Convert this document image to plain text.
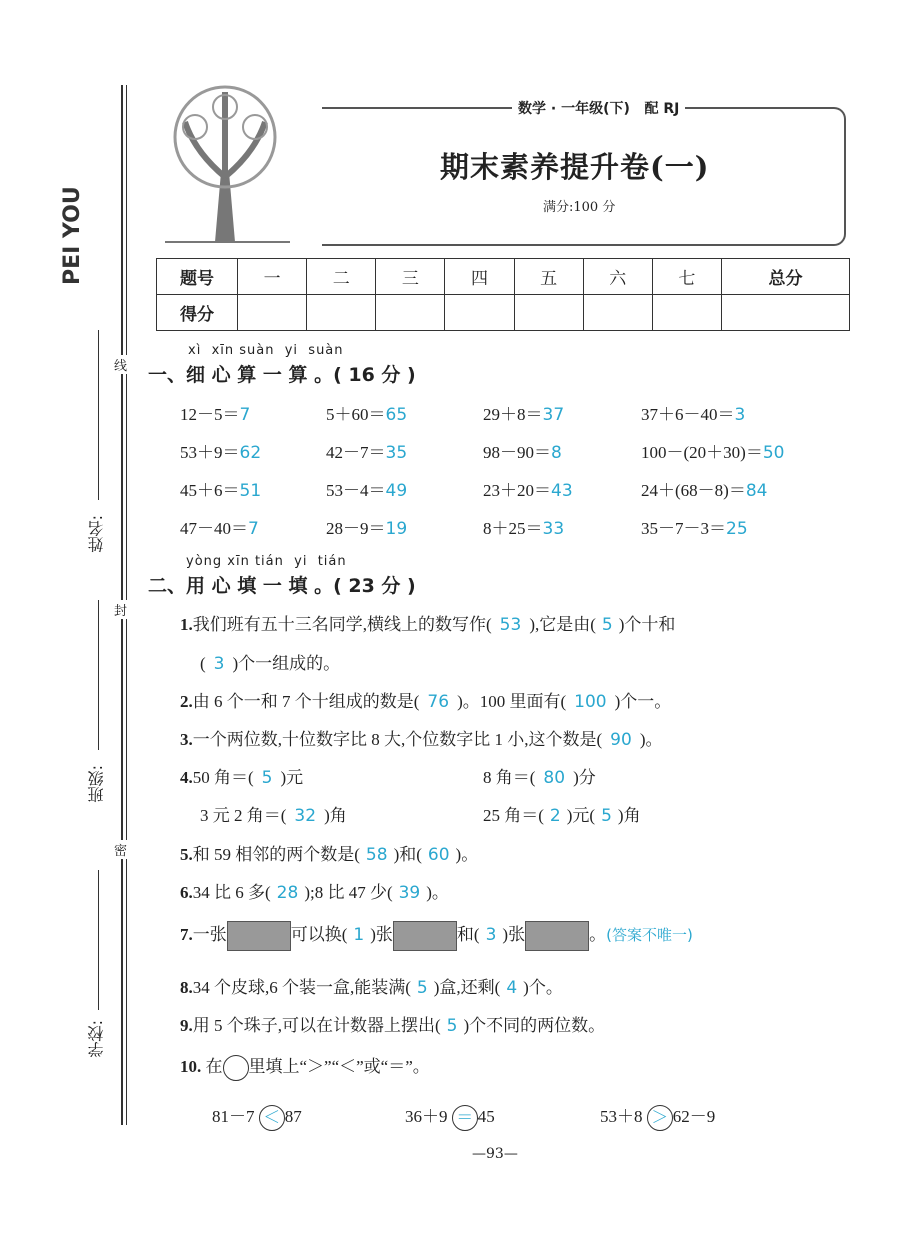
PEI YOU
学校:
班级:
姓名:
线
封
密
数学 · 一年级(下)   配 RJ
期末素养提升卷(一)
满分:100 分
题号	一	二	三	四	五	六	七	总分
得分								
xì  xīn suàn  yi  suàn
一、细 心 算 一 算 。( 16 分 )
12－5＝7	5＋60＝65	29＋8＝37	37＋6－40＝3
53＋9＝62	42－7＝35	98－90＝8	100－(20＋30)＝50
45＋6＝51	53－4＝49	23＋20＝43	24＋(68－8)＝84
47－40＝7	28－9＝19	8＋25＝33	35－7－3＝25
yòng xīn tián  yi  tián
二、用 心 填 一 填 。( 23 分 )
1.我们班有五十三名同学,横线上的数写作( 53 ),它是由( 5 )个十和
( 3 )个一组成的。
2.由 6 个一和 7 个十组成的数是( 76 )。100 里面有( 100 )个一。
3.一个两位数,十位数字比 8 大,个位数字比 1 小,这个数是( 90 )。
4.50 角＝( 5 )元	8 角＝( 80 )分
3 元 2 角＝( 32 )角	25 角＝( 2 )元( 5 )角
5.和 59 相邻的两个数是( 58 )和( 60 )。
6.34 比 6 多( 28 );8 比 47 少( 39 )。
7.一张	可以换( 1 )张	和( 3 )张	。(答案不唯一)
8.34 个皮球,6 个装一盒,能装满( 5 )盒,还剩( 4 )个。
9.用 5 个珠子,可以在计数器上摆出( 5 )个不同的两位数。
10. 在 里填上“＞”“＜”或“＝”。
81－7 ＜ 87	36＋9 ＝ 45	53＋8 ＞ 62－9
—93—
